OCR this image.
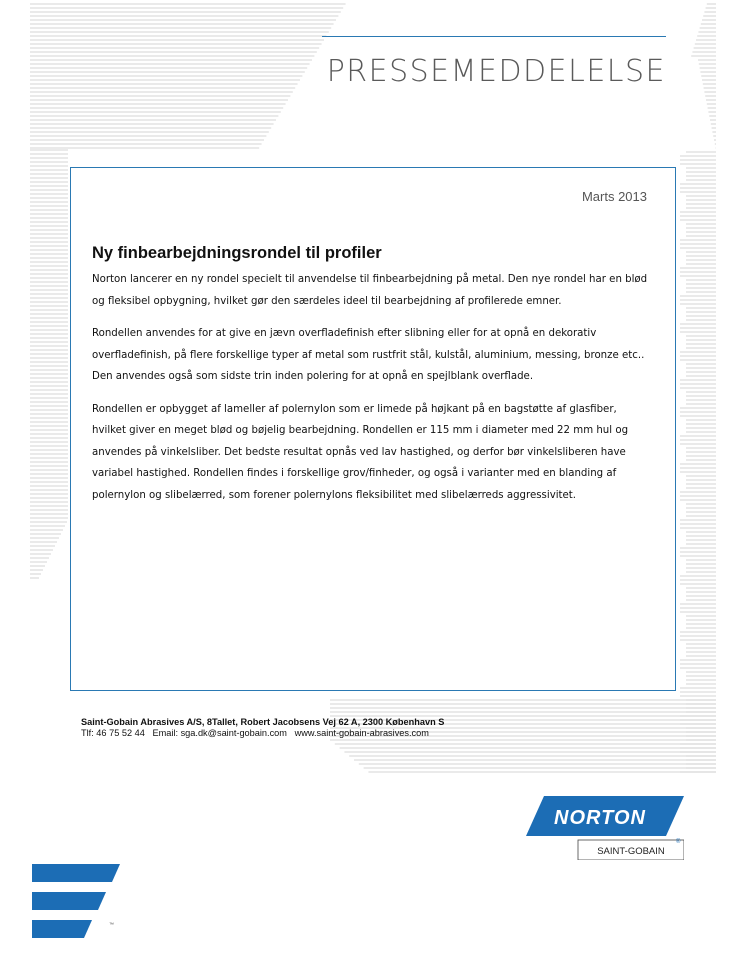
PRESSEMEDDELELSE
Marts 2013
Ny finbearbejdningsrondel til profiler

Norton lancerer en ny rondel specielt til anvendelse til finbearbejdning på metal. Den nye rondel har en blød og fleksibel opbygning, hvilket gør den særdeles ideel til bearbejdning af profilerede emner.

Rondellen anvendes for at give en jævn overfladefinish efter slibning eller for at opnå en dekorativ overfladefinish, på flere forskellige typer af metal som rustfrit stål, kulstål, aluminium, messing, bronze etc.. Den anvendes også som sidste trin inden polering for at opnå en spejlblank overflade.

Rondellen er opbygget af lameller af polernylon som er limede på højkant på en bagstøtte af glasfiber, hvilket giver en meget blød og bøjelig bearbejdning. Rondellen er 115 mm i diameter med 22 mm hul og anvendes på vinkelsliber. Det bedste resultat opnås ved lav hastighed, og derfor bør vinkelsliberen have variabel hastighed. Rondellen findes i forskellige grov/finheder, og også i varianter med en blanding af polernylon og slibelærred, som forener polernylons fleksibilitet med slibelærreds aggressivitet.

Saint-Gobain Abrasives A/S, 8Tallet, Robert Jacobsens Vej 62 A, 2300 København S
Tlf: 46 75 52 44   Email: sga.dk@saint-gobain.com   www.saint-gobain-abrasives.com
NORTON
SAINT-GOBAIN
®
™
